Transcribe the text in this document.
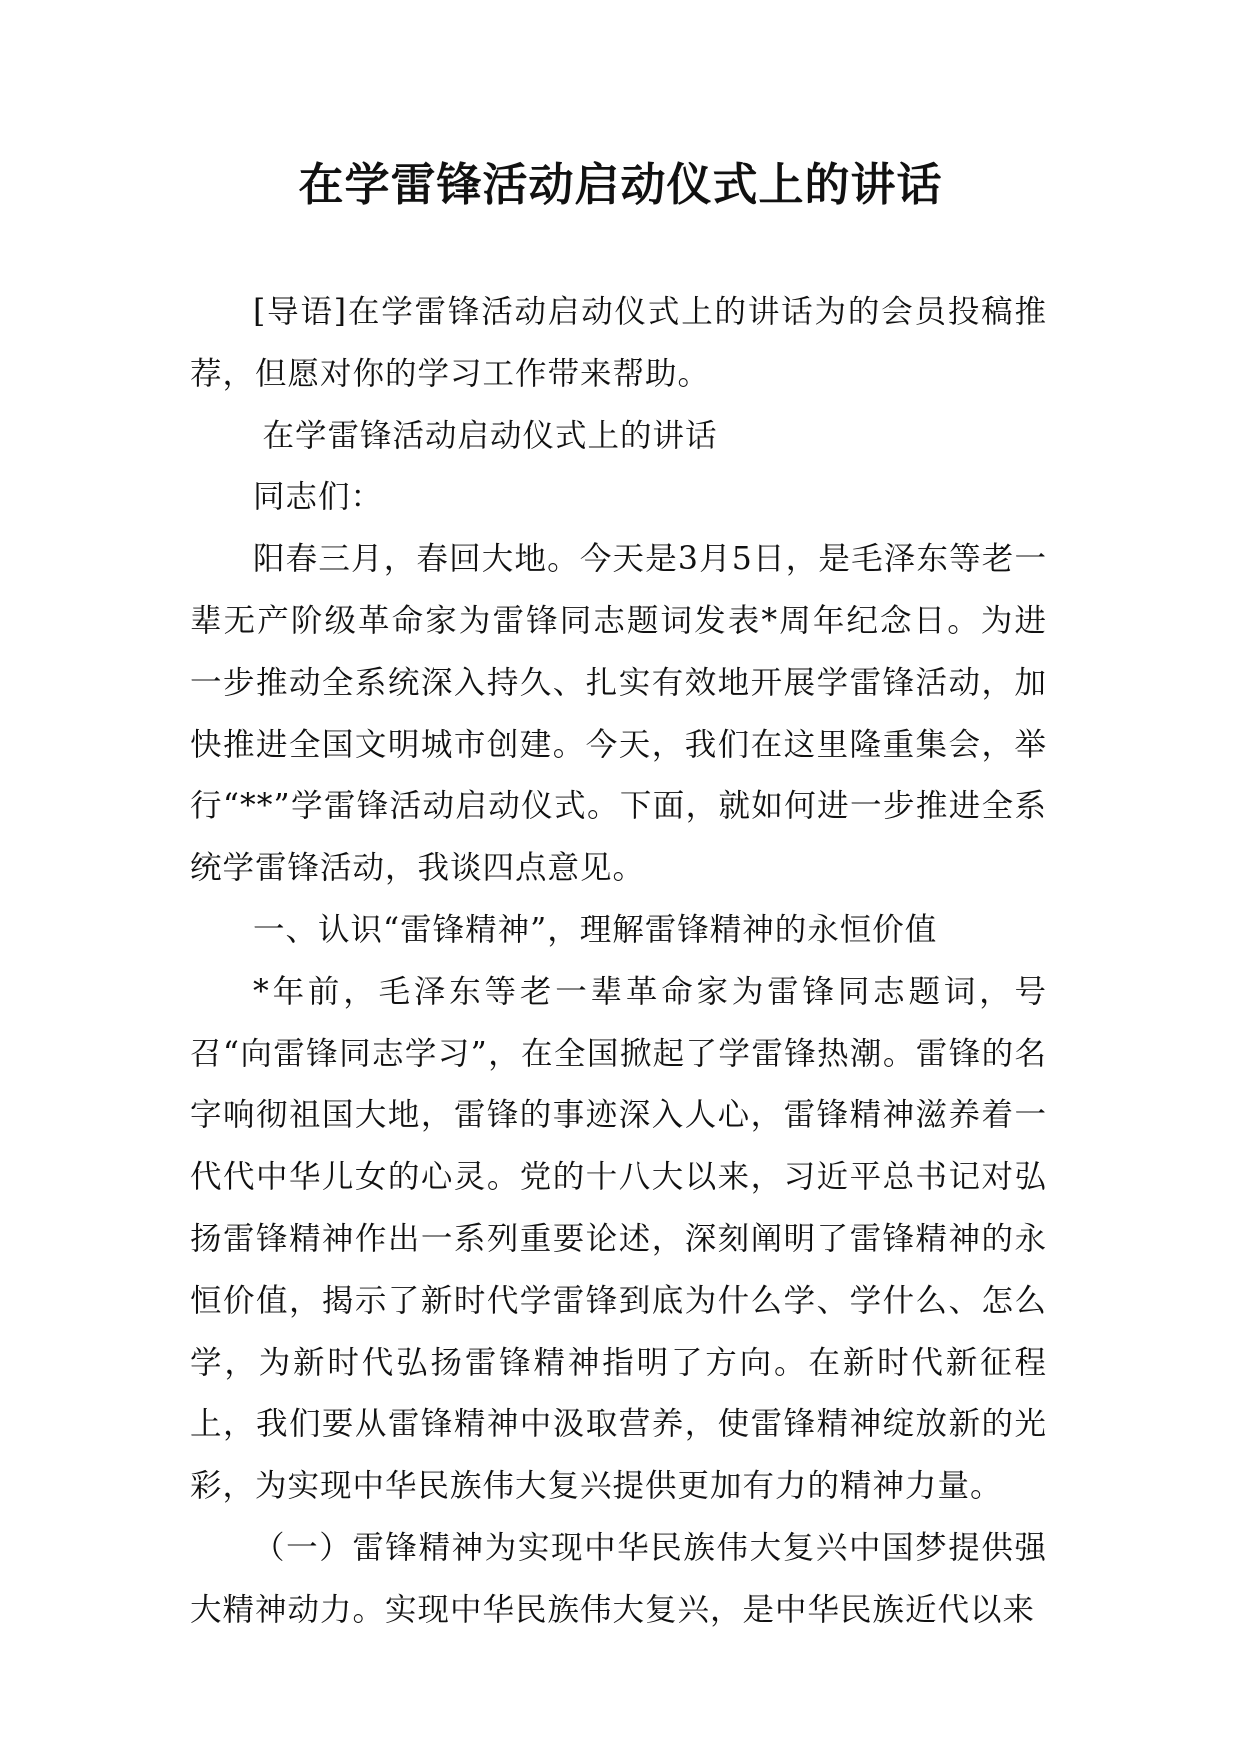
在学雷锋活动启动仪式上的讲话

[导语]在学雷锋活动启动仪式上的讲话为的会员投稿推荐，但愿对你的学习工作带来帮助。

在学雷锋活动启动仪式上的讲话

同志们：

阳春三月，春回大地。今天是3月5日，是毛泽东等老一辈无产阶级革命家为雷锋同志题词发表*周年纪念日。为进一步推动全系统深入持久、扎实有效地开展学雷锋活动，加快推进全国文明城市创建。今天，我们在这里隆重集会，举行“**”学雷锋活动启动仪式。下面，就如何进一步推进全系统学雷锋活动，我谈四点意见。

一、认识“雷锋精神”，理解雷锋精神的永恒价值

*年前，毛泽东等老一辈革命家为雷锋同志题词，号召“向雷锋同志学习”，在全国掀起了学雷锋热潮。雷锋的名字响彻祖国大地，雷锋的事迹深入人心，雷锋精神滋养着一代代中华儿女的心灵。党的十八大以来，习近平总书记对弘扬雷锋精神作出一系列重要论述，深刻阐明了雷锋精神的永恒价值，揭示了新时代学雷锋到底为什么学、学什么、怎么学，为新时代弘扬雷锋精神指明了方向。在新时代新征程上，我们要从雷锋精神中汲取营养，使雷锋精神绽放新的光彩，为实现中华民族伟大复兴提供更加有力的精神力量。

（一）雷锋精神为实现中华民族伟大复兴中国梦提供强大精神动力。实现中华民族伟大复兴，是中华民族近代以来
